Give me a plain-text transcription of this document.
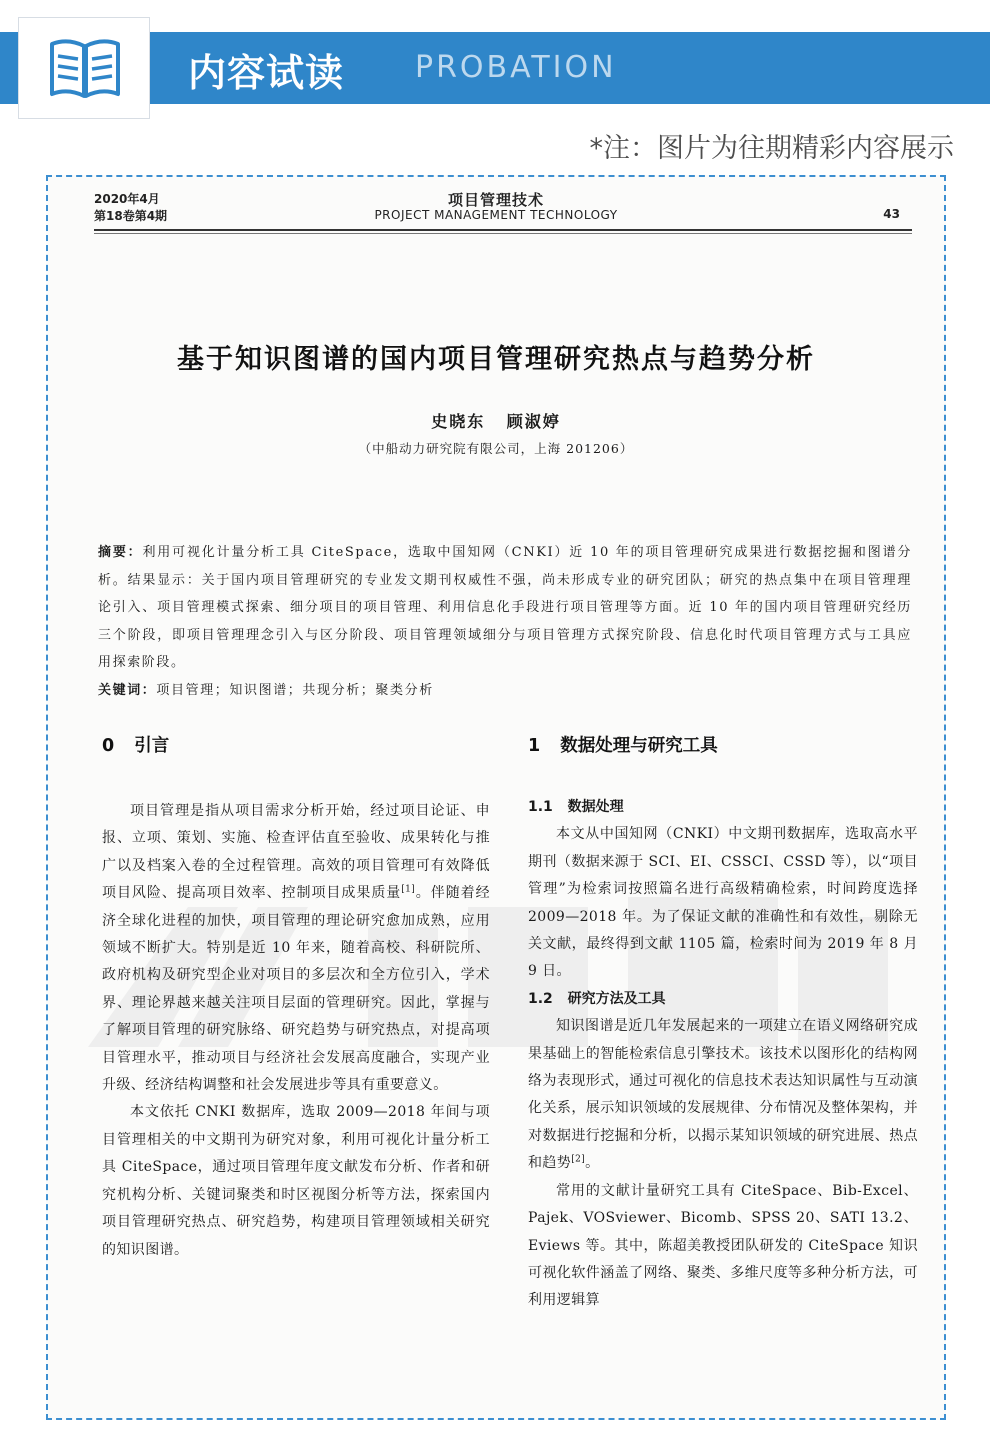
内容试读 PROBATION
*注：图片为往期精彩内容展示
2020年4月
第18卷第4期
项目管理技术
PROJECT MANAGEMENT TECHNOLOGY	43
基于知识图谱的国内项目管理研究热点与趋势分析
史晓东 顾淑婷
（中船动力研究院有限公司，上海 201206）
摘要：利用可视化计量分析工具 CiteSpace，选取中国知网（CNKI）近 10 年的项目管理研究成果进行数据挖掘和图谱分析。结果显示：关于国内项目管理研究的专业发文期刊权威性不强，尚未形成专业的研究团队；研究的热点集中在项目管理理论引入、项目管理模式探索、细分项目的项目管理、利用信息化手段进行项目管理等方面。近 10 年的国内项目管理研究经历三个阶段，即项目管理理念引入与区分阶段、项目管理领域细分与项目管理方式探究阶段、信息化时代项目管理方式与工具应用探索阶段。
关键词：项目管理；知识图谱；共现分析；聚类分析
0 引言

项目管理是指从项目需求分析开始，经过项目论证、申报、立项、策划、实施、检查评估直至验收、成果转化与推广以及档案入卷的全过程管理。高效的项目管理可有效降低项目风险、提高项目效率、控制项目成果质量[1]。伴随着经济全球化进程的加快，项目管理的理论研究愈加成熟，应用领域不断扩大。特别是近 10 年来，随着高校、科研院所、政府机构及研究型企业对项目的多层次和全方位引入，学术界、理论界越来越关注项目层面的管理研究。因此，掌握与了解项目管理的研究脉络、研究趋势与研究热点，对提高项目管理水平，推动项目与经济社会发展高度融合，实现产业升级、经济结构调整和社会发展进步等具有重要意义。

本文依托 CNKI 数据库，选取 2009—2018 年间与项目管理相关的中文期刊为研究对象，利用可视化计量分析工具 CiteSpace，通过项目管理年度文献发布分析、作者和研究机构分析、关键词聚类和时区视图分析等方法，探索国内项目管理研究热点、研究趋势，构建项目管理领域相关研究的知识图谱。

1 数据处理与研究工具
1.1 数据处理

本文从中国知网（CNKI）中文期刊数据库，选取高水平期刊（数据来源于 SCI、EI、CSSCI、CSSD 等），以“项目管理”为检索词按照篇名进行高级精确检索，时间跨度选择 2009—2018 年。为了保证文献的准确性和有效性，剔除无关文献，最终得到文献 1105 篇，检索时间为 2019 年 8 月 9 日。

1.2 研究方法及工具

知识图谱是近几年发展起来的一项建立在语义网络研究成果基础上的智能检索信息引擎技术。该技术以图形化的结构网络为表现形式，通过可视化的信息技术表达知识属性与互动演化关系，展示知识领域的发展规律、分布情况及整体架构，并对数据进行挖掘和分析，以揭示某知识领域的研究进展、热点和趋势[2]。

常用的文献计量研究工具有 CiteSpace、Bib-Excel、Pajek、VOSviewer、Bicomb、SPSS 20、SATI 13.2、Eviews 等。其中，陈超美教授团队研发的 CiteSpace 知识可视化软件涵盖了网络、聚类、多维尺度等多种分析方法，可利用逻辑算
